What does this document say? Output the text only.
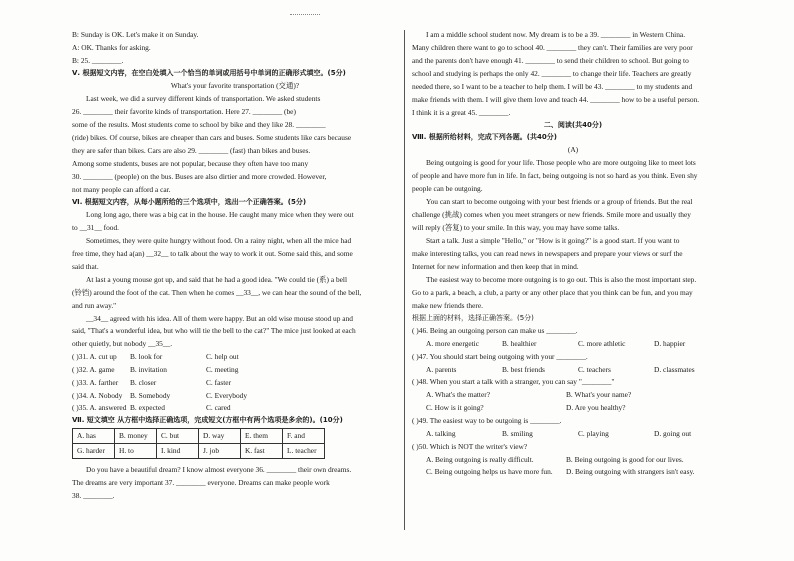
B: Sunday is OK. Let's make it on Sunday.

A: OK. Thanks for asking.

B: 25. ________.

Ⅴ. 根据短文内容，在空白处填入一个恰当的单词或用括号中单词的正确形式填空。(5分)

What's your favorite transportation (交通)?

Last week, we did a survey different kinds of transportation. We asked students

26. ________ their favorite kinds of transportation. Here 27. ________ (be)

some of the results. Most students come to school by bike and they like 28. ________

(ride) bikes. Of course, bikes are cheaper than cars and buses. Some students like cars because

they are safer than bikes. Cars are also 29. ________ (fast) than bikes and buses.

Among some students, buses are not popular, because they often have too many

30. ________ (people) on the bus. Buses are also dirtier and more crowded. However,

not many people can afford a car.

Ⅵ. 根据短文内容，从每小题所给的三个选项中，选出一个正确答案。(5分)

Long long ago, there was a big cat in the house. He caught many mice when they were out

to __31__ food.

Sometimes, they were quite hungry without food. On a rainy night, when all the mice had

free time, they had a(an) __32__ to talk about the way to work it out. Some said this, and some

said that.

At last a young mouse got up, and said that he had a good idea. "We could tie (系) a bell

(铃铛) around the foot of the cat. Then when he comes __33__, we can hear the sound of the bell,

and run away."

__34__ agreed with his idea. All of them were happy. But an old wise mouse stood up and

said, "That's a wonderful idea, but who will tie the bell to the cat?" The mice just looked at each

other quietly, but nobody __35__.

( )31. A. cut up	B. look for	C. help out
( )32. A. game	B. invitation	C. meeting
( )33. A. farther	B. closer	C. faster
( )34. A. Nobody	B. Somebody	C. Everybody
( )35. A. answered B. expected	C. cared

Ⅶ. 短文填空 从方框中选择正确选项，完成短文(方框中有两个选项是多余的)。(10分)

A. has	B. money	C. but	D. way	E. them	F. and
G. harder	H. to	I. kind	J. job	K. fast	L. teacher

Do you have a beautiful dream? I know almost everyone 36. ________ their own dreams.

The dreams are very important 37. ________ everyone. Dreams can make people work

38. ________.

I am a middle school student now. My dream is to be a 39. ________ in Western China.

Many children there want to go to school 40. ________ they can't. Their families are very poor

and the parents don't have enough 41. ________ to send their children to school. But going to

school and studying is perhaps the only 42. ________ to change their life. Teachers are greatly

needed there, so I want to be a teacher to help them. I will be 43. ________ to my students and

make friends with them. I will give them love and teach 44. ________ how to be a useful person.

I think it is a great 45. ________.

二、阅读(共40分)

Ⅷ. 根据所给材料，完成下列各题。(共40分)

(A)

Being outgoing is good for your life. Those people who are more outgoing like to meet lots

of people and have more fun in life. In fact, being outgoing is not so hard as you think. Even shy

people can be outgoing.

You can start to become outgoing with your best friends or a group of friends. But the real

challenge (挑战) comes when you meet strangers or new friends. Smile more and usually they

will reply (答复) to your smile. In this way, you may have some talks.

Start a talk. Just a simple "Hello," or "How is it going?" is a good start. If you want to

make interesting talks, you can read news in newspapers and prepare your views or surf the

Internet for new information and then keep that in mind.

The easiest way to become more outgoing is to go out. This is also the most important step.

Go to a park, a beach, a club, a party or any other place that you think can be fun, and you may

make new friends there.

根据上面的材料，选择正确答案。(5分)

( )46. Being an outgoing person can make us ________.

A. more energetic	B. healthier	C. more athletic	D. happier

( )47. You should start being outgoing with your ________.

A. parents	B. best friends	C. teachers	D. classmates

( )48. When you start a talk with a stranger, you can say "________"

A. What's the matter?	B. What's your name?
C. How is it going?	D. Are you healthy?

( )49. The easiest way to be outgoing is ________.

A. talking	B. smiling	C. playing	D. going out

( )50. Which is NOT the writer's view?

A. Being outgoing is really difficult.	B. Being outgoing is good for our lives.
C. Being outgoing helps us have more fun.	D. Being outgoing with strangers isn't easy.
